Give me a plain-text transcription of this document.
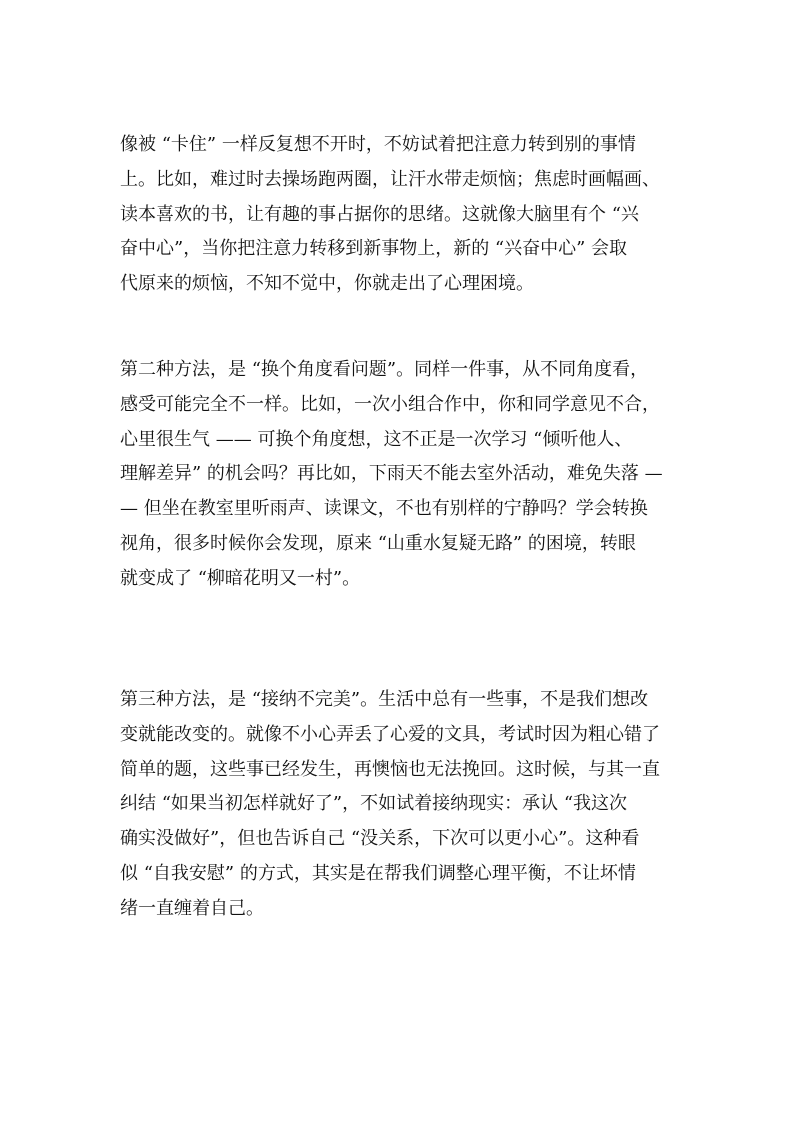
像被 “卡住” 一样反复想不开时，不妨试着把注意力转到别的事情
上。比如，难过时去操场跑两圈，让汗水带走烦恼；焦虑时画幅画、
读本喜欢的书，让有趣的事占据你的思绪。这就像大脑里有个 “兴
奋中心”，当你把注意力转移到新事物上，新的 “兴奋中心” 会取
代原来的烦恼，不知不觉中，你就走出了心理困境。
第二种方法，是 “换个角度看问题”。同样一件事，从不同角度看，
感受可能完全不一样。比如，一次小组合作中，你和同学意见不合，
心里很生气 —— 可换个角度想，这不正是一次学习 “倾听他人、
理解差异” 的机会吗？再比如，下雨天不能去室外活动，难免失落 —
— 但坐在教室里听雨声、读课文，不也有别样的宁静吗？学会转换
视角，很多时候你会发现，原来 “山重水复疑无路” 的困境，转眼
就变成了 “柳暗花明又一村”。
第三种方法，是 “接纳不完美”。生活中总有一些事，不是我们想改
变就能改变的。就像不小心弄丢了心爱的文具，考试时因为粗心错了
简单的题，这些事已经发生，再懊恼也无法挽回。这时候，与其一直
纠结 “如果当初怎样就好了”，不如试着接纳现实：承认 “我这次
确实没做好”，但也告诉自己 “没关系，下次可以更小心”。这种看
似 “自我安慰” 的方式，其实是在帮我们调整心理平衡，不让坏情
绪一直缠着自己。
